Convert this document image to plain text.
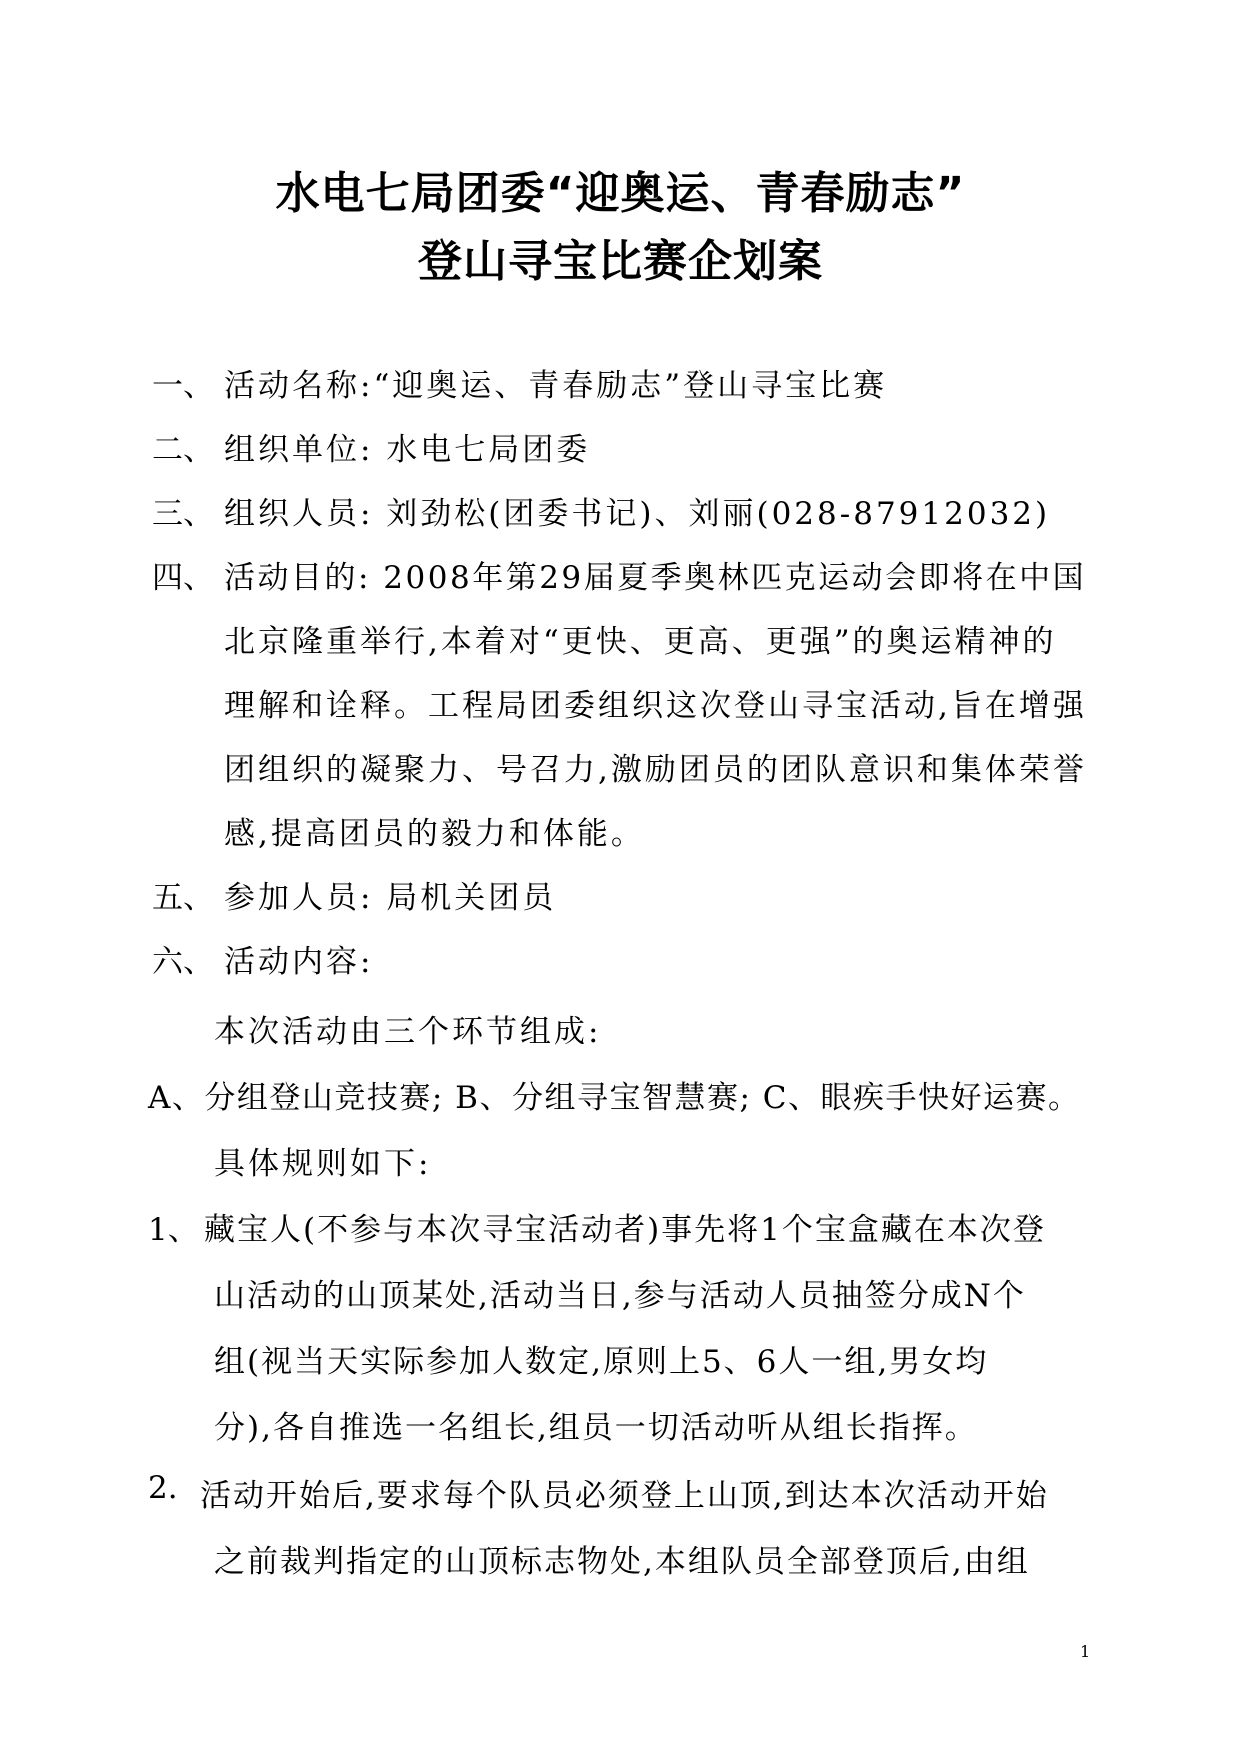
水电七局团委“迎奥运、青春励志”
登山寻宝比赛企划案
一、 活动名称:“迎奥运、青春励志”登山寻宝比赛
二、 组织单位: 水电七局团委
三、 组织人员: 刘劲松(团委书记)、刘丽(028-87912032)
四、 活动目的: 2008年第29届夏季奥林匹克运动会即将在中国
北京隆重举行,本着对“更快、更高、更强”的奥运精神的
理解和诠释。工程局团委组织这次登山寻宝活动,旨在增强
团组织的凝聚力、号召力,激励团员的团队意识和集体荣誉
感,提高团员的毅力和体能。
五、 参加人员: 局机关团员
六、 活动内容:
本次活动由三个环节组成:
A、分组登山竞技赛; B、分组寻宝智慧赛; C、眼疾手快好运赛。
具体规则如下:
1、 藏宝人(不参与本次寻宝活动者)事先将1个宝盒藏在本次登
山活动的山顶某处,活动当日,参与活动人员抽签分成N个
组(视当天实际参加人数定,原则上5、6人一组,男女均
分),各自推选一名组长,组员一切活动听从组长指挥。
2. 活动开始后,要求每个队员必须登上山顶,到达本次活动开始
之前裁判指定的山顶标志物处,本组队员全部登顶后,由组
1
